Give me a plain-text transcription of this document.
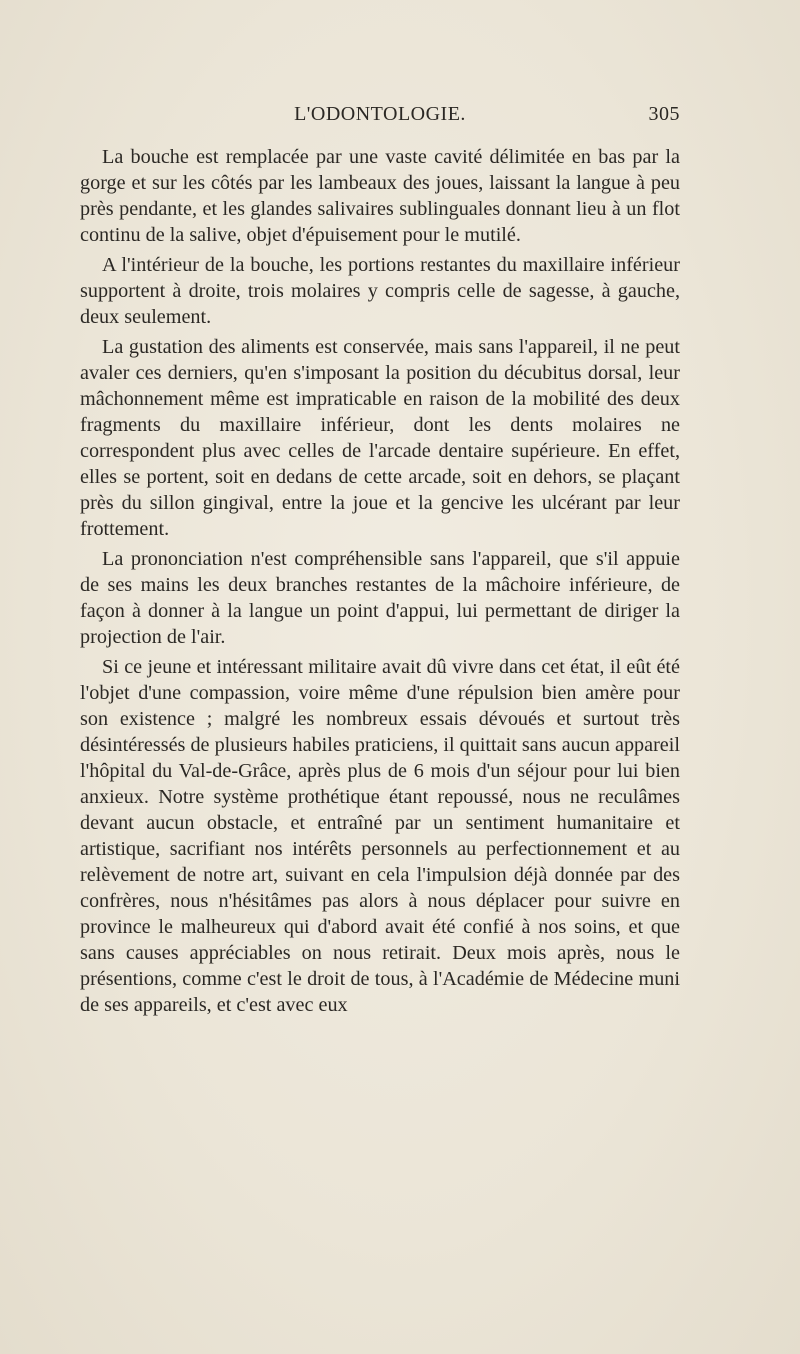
L'ODONTOLOGIE.	305

La bouche est remplacée par une vaste cavité délimitée en bas par la gorge et sur les côtés par les lambeaux des joues, laissant la langue à peu près pendante, et les glandes salivaires sublinguales donnant lieu à un flot continu de la salive, objet d'épuisement pour le mutilé.

A l'intérieur de la bouche, les portions restantes du maxillaire inférieur supportent à droite, trois molaires y compris celle de sagesse, à gauche, deux seulement.

La gustation des aliments est conservée, mais sans l'appareil, il ne peut avaler ces derniers, qu'en s'imposant la position du décubitus dorsal, leur mâchonnement même est impraticable en raison de la mobilité des deux fragments du maxillaire inférieur, dont les dents molaires ne correspondent plus avec celles de l'arcade dentaire supérieure. En effet, elles se portent, soit en dedans de cette arcade, soit en dehors, se plaçant près du sillon gingival, entre la joue et la gencive les ulcérant par leur frottement.

La prononciation n'est compréhensible sans l'appareil, que s'il appuie de ses mains les deux branches restantes de la mâchoire inférieure, de façon à donner à la langue un point d'appui, lui permettant de diriger la projection de l'air.

Si ce jeune et intéressant militaire avait dû vivre dans cet état, il eût été l'objet d'une compassion, voire même d'une répulsion bien amère pour son existence ; malgré les nombreux essais dévoués et surtout très désintéressés de plusieurs habiles praticiens, il quittait sans aucun appareil l'hôpital du Val-de-Grâce, après plus de 6 mois d'un séjour pour lui bien anxieux. Notre système prothétique étant repoussé, nous ne reculâmes devant aucun obstacle, et entraîné par un sentiment humanitaire et artistique, sacrifiant nos intérêts personnels au perfectionnement et au relèvement de notre art, suivant en cela l'impulsion déjà donnée par des confrères, nous n'hésitâmes pas alors à nous déplacer pour suivre en province le malheureux qui d'abord avait été confié à nos soins, et que sans causes appréciables on nous retirait. Deux mois après, nous le présentions, comme c'est le droit de tous, à l'Académie de Médecine muni de ses appareils, et c'est avec eux
